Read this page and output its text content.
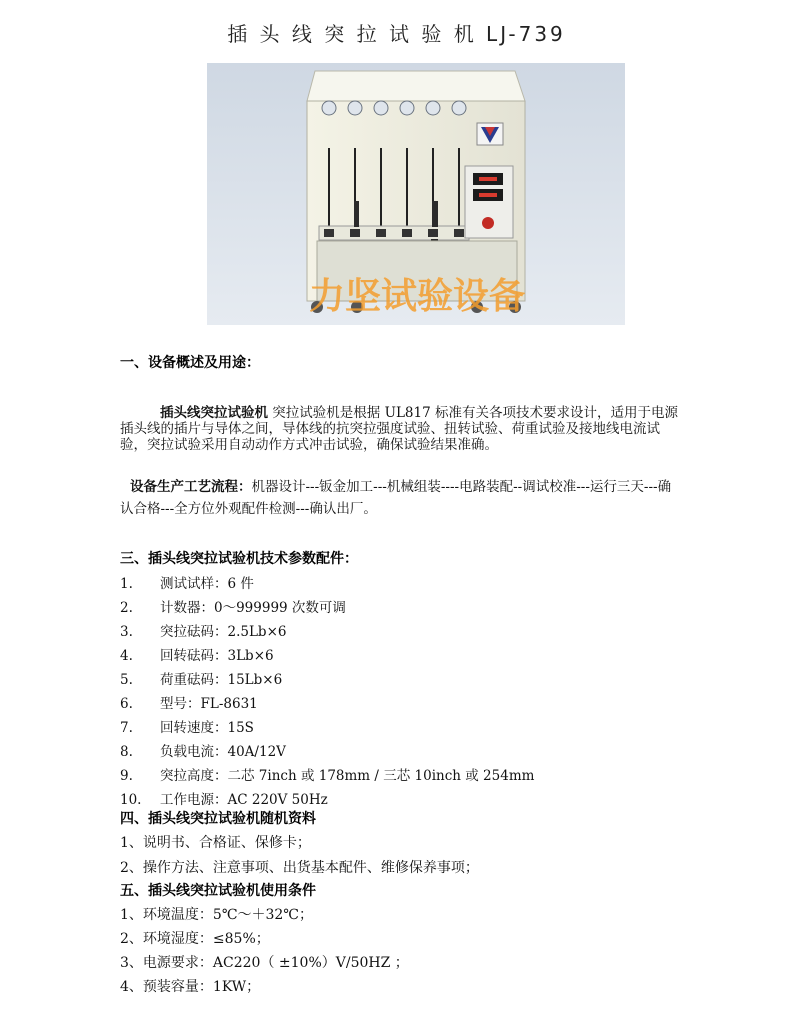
插 头 线 突 拉 试 验 机 LJ-739
力坚试验设备
一、设备概述及用途：
插头线突拉试验机 突拉试验机是根据 UL817 标准有关各项技术要求设计，适用于电源插头线的插片与导体之间，导体线的抗突拉强度试验、扭转试验、荷重试验及接地线电流试验，突拉试验采用自动动作方式冲击试验，确保试验结果准确。
设备生产工艺流程：机器设计---钣金加工---机械组装----电路装配--调试校准---运行三天---确认合格---全方位外观配件检测---确认出厂。
三、插头线突拉试验机技术参数配件：
1. 测试试样：6 件
2. 计数器：0～999999 次数可调
3. 突拉砝码：2.5Lb×6
4. 回转砝码：3Lb×6
5. 荷重砝码：15Lb×6
6. 型号：FL-8631
7. 回转速度：15S
8. 负载电流：40A/12V
9. 突拉高度：二芯 7inch 或 178mm / 三芯 10inch 或 254mm
10. 工作电源：AC 220V 50Hz
四、插头线突拉试验机随机资料
1、说明书、合格证、保修卡；
2、操作方法、注意事项、出货基本配件、维修保养事项；
五、插头线突拉试验机使用条件
1、环境温度：5℃～＋32℃；
2、环境湿度：≤85%；
3、电源要求：AC220（ ±10%）V/50HZ ；
4、预装容量：1KW；
